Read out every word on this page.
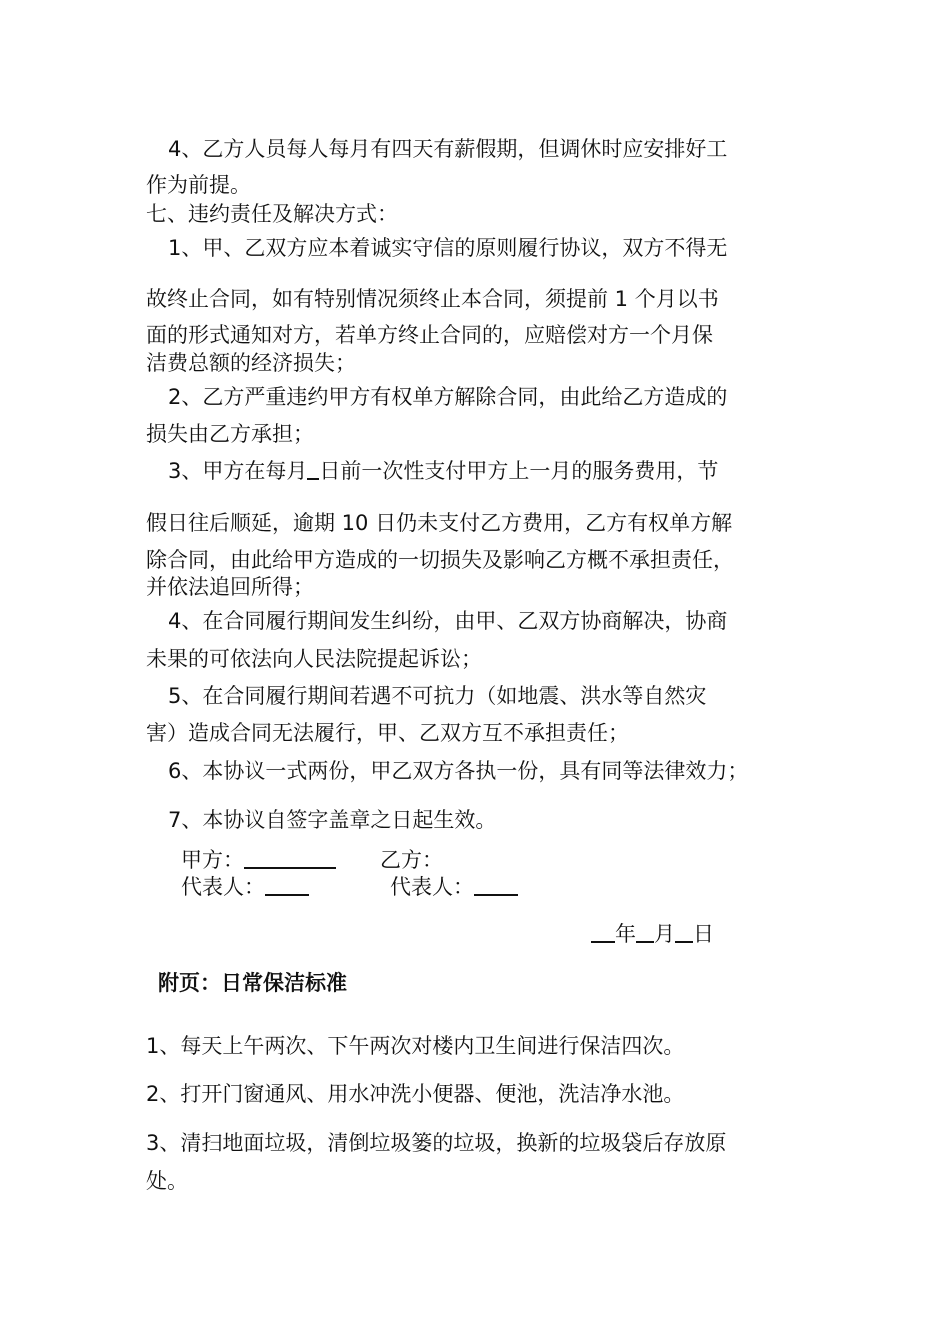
4、乙方人员每人每月有四天有薪假期，但调休时应安排好工
作为前提。
七、违约责任及解决方式：
1、甲、乙双方应本着诚实守信的原则履行协议，双方不得无
故终止合同，如有特别情况须终止本合同，须提前 1 个月以书
面的形式通知对方，若单方终止合同的，应赔偿对方一个月保
洁费总额的经济损失；
2、乙方严重违约甲方有权单方解除合同，由此给乙方造成的
损失由乙方承担；
3、甲方在每月 日前一次性支付甲方上一月的服务费用，节
假日往后顺延，逾期 10 日仍未支付乙方费用，乙方有权单方解
除合同，由此给甲方造成的一切损失及影响乙方概不承担责任，
并依法追回所得；
4、在合同履行期间发生纠纷，由甲、乙双方协商解决，协商
未果的可依法向人民法院提起诉讼；
5、在合同履行期间若遇不可抗力（如地震、洪水等自然灾
害）造成合同无法履行，甲、乙双方互不承担责任；
6、本协议一式两份，甲乙双方各执一份，具有同等法律效力；
7、本协议自签字盖章之日起生效。
甲方：	乙方：
代表人：	代表人：
年 月 日
附页：日常保洁标准
1、每天上午两次、下午两次对楼内卫生间进行保洁四次。
2、打开门窗通风、用水冲洗小便器、便池，洗洁净水池。
3、清扫地面垃圾，清倒垃圾篓的垃圾，换新的垃圾袋后存放原
处。
